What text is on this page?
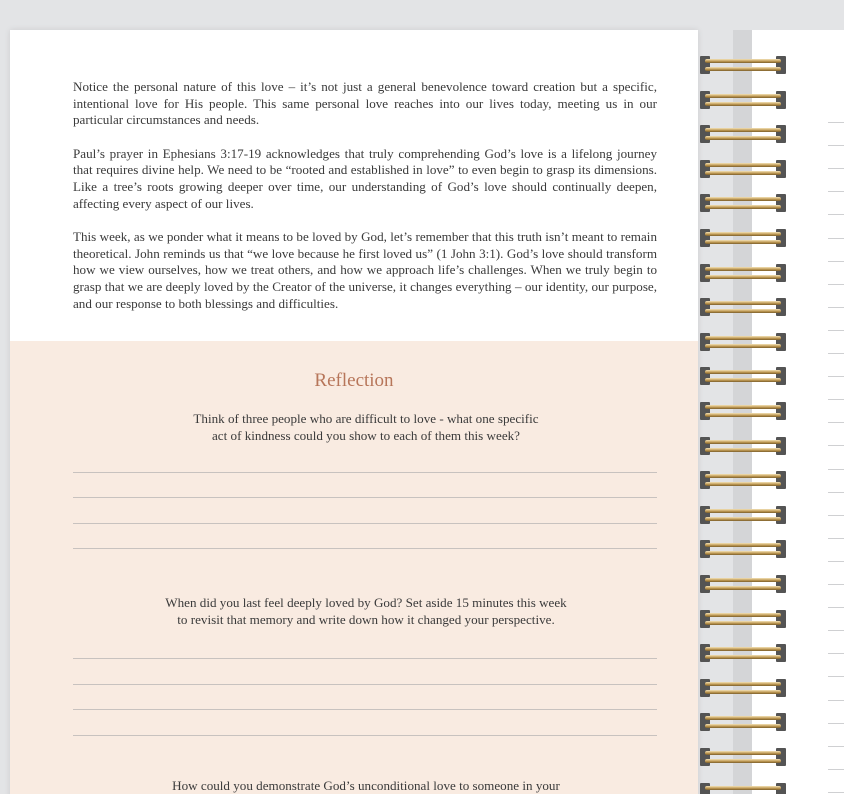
Notice the personal nature of this love – it’s not just a general benevolence toward creation but a specific, intentional love for His people. This same personal love reaches into our lives today, meeting us in our particular circumstances and needs.

Paul’s prayer in Ephesians 3:17-19 acknowledges that truly comprehending God’s love is a lifelong journey that requires divine help. We need to be “rooted and established in love” to even begin to grasp its dimensions. Like a tree’s roots growing deeper over time, our understanding of God’s love should continually deepen, affecting every aspect of our lives.

This week, as we ponder what it means to be loved by God, let’s remember that this truth isn’t meant to remain theoretical. John reminds us that “we love because he first loved us” (1 John 3:1). God’s love should transform how we view ourselves, how we treat others, and how we approach life’s challenges. When we truly begin to grasp that we are deeply loved by the Creator of the universe, it changes everything – our identity, our purpose, and our response to both blessings and difficulties.

Reflection
Think of three people who are difficult to love - what one specific
act of kindness could you show to each of them this week?
When did you last feel deeply loved by God? Set aside 15 minutes this week
to revisit that memory and write down how it changed your perspective.
How could you demonstrate God’s unconditional love to someone in your
